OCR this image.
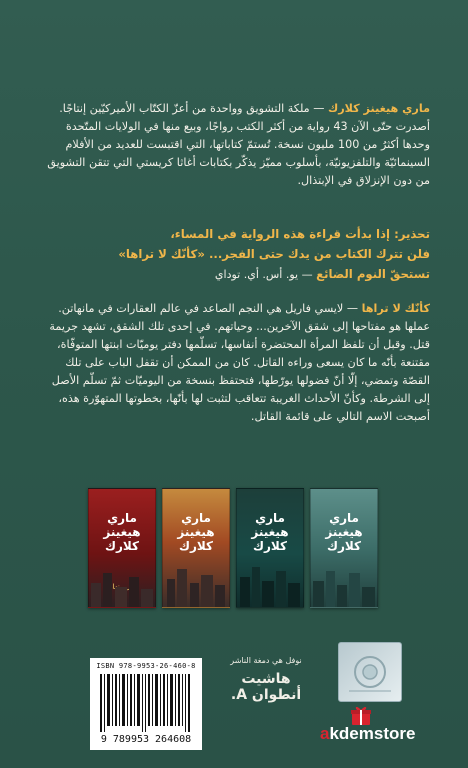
ماري هيغينز كلارك — ملكة التشويق وواحدة من أعزّ الكتّاب الأميركيّين إنتاجًا. أصدرت حتّى الآن 43 رواية من أكثر الكتب رواجًا، وبيع منها في الولايات المتّحدة وحدها أكثرُ من 100 مليون نسخة. تُستمّ كتاباتها، التي اقتبست للعديد من الأفلام السينمائيّة والتلفزيونيّة، بأسلوب مميّز يذكّر بكتابات أغاثا كريستي التي تتقن التشويق من دون الإنزلاق في الإبتذال.
تحذير: إذا بدأت قراءة هذه الرواية في المساء،
فلن تترك الكتاب من يدك حتى الفجر... «كأنّك لا تراها»
تستحقّ النوم الضائع — يو. أس. أي. توداي
كأنّك لا تراها — لايسي فاريل هي النجم الصاعد في عالم العقارات في مانهاتن. عملها هو مفتاحها إلى شقق الآخرين... وحياتهم. في إحدى تلك الشقق، تشهد جريمة قتل. وقبل أن تلفظ المرأة المحتضرة أنفاسها، تسلّمها دفتر يوميّات ابنتها المتوفّاة، مقتنعة بأنّه ما كان يسعى وراءه القاتل. كان من الممكن أن تقفل الباب على تلك القصّة وتمضي، إلّا أنّ فضولها يورّطها، فتحتفظ بنسخة من اليوميّات ثمّ تسلّم الأصل إلى الشرطة. وكأنّ الأحداث الغريبة تتعاقب لتثبت لها بأنّها، بخطوتها المتهوّرة هذه، أصبحت الاسم التالي على قائمة القاتل.
ماري هيغينز كلارك
ماري هيغينز كلارك
ماري هيغينز كلارك
ماري هيغينز كلارك
ISBN 978-9953-26-460-8
9 789953 264608
نوفل هي دمغة الناشر
هاشيت
أنطوان A.
akdemstore
